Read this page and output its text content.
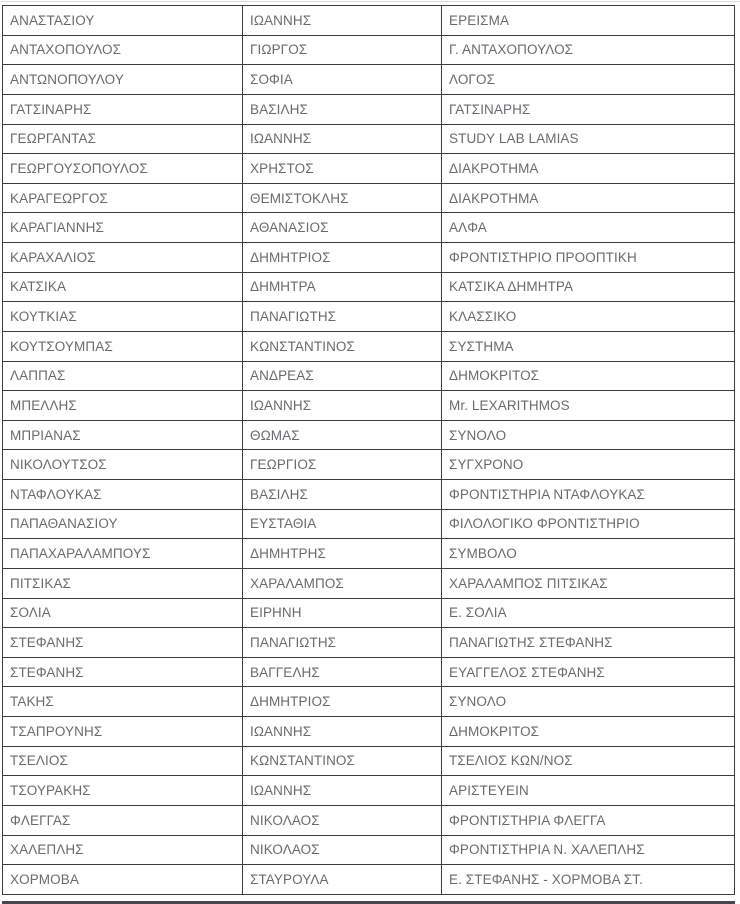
ΑΝΑΣΤΑΣΙΟΥ	ΙΩΑΝΝΗΣ	ΕΡΕΙΣΜΑ
ΑΝΤΑΧΟΠΟΥΛΟΣ	ΓΙΩΡΓΟΣ	Γ. ΑΝΤΑΧΟΠΟΥΛΟΣ
ΑΝΤΩΝΟΠΟΥΛΟΥ	ΣΟΦΙΑ	ΛΟΓΟΣ
ΓΑΤΣΙΝΑΡΗΣ	ΒΑΣΙΛΗΣ	ΓΑΤΣΙΝΑΡΗΣ
ΓΕΩΡΓΑΝΤΑΣ	ΙΩΑΝΝΗΣ	STUDY LAB LAMIAS
ΓΕΩΡΓΟΥΣΟΠΟΥΛΟΣ	ΧΡΗΣΤΟΣ	ΔΙΑΚΡΟΤΗΜΑ
ΚΑΡΑΓΕΩΡΓΟΣ	ΘΕΜΙΣΤΟΚΛΗΣ	ΔΙΑΚΡΟΤΗΜΑ
ΚΑΡΑΓΙΑΝΝΗΣ	ΑΘΑΝΑΣΙΟΣ	ΑΛΦΑ
ΚΑΡΑΧΑΛΙΟΣ	ΔΗΜΗΤΡΙΟΣ	ΦΡΟΝΤΙΣΤΗΡΙΟ ΠΡΟΟΠΤΙΚΗ
ΚΑΤΣΙΚΑ	ΔΗΜΗΤΡΑ	ΚΑΤΣΙΚΑ ΔΗΜΗΤΡΑ
ΚΟΥΤΚΙΑΣ	ΠΑΝΑΓΙΩΤΗΣ	ΚΛΑΣΣΙΚΟ
ΚΟΥΤΣΟΥΜΠΑΣ	ΚΩΝΣΤΑΝΤΙΝΟΣ	ΣΥΣΤΗΜΑ
ΛΑΠΠΑΣ	ΑΝΔΡΕΑΣ	ΔΗΜΟΚΡΙΤΟΣ
ΜΠΕΛΛΗΣ	ΙΩΑΝΝΗΣ	Mr. LEXARITHMOS
ΜΠΡΙΑΝΑΣ	ΘΩΜΑΣ	ΣΥΝΟΛΟ
ΝΙΚΟΛΟΥΤΣΟΣ	ΓΕΩΡΓΙΟΣ	ΣΥΓΧΡΟΝΟ
ΝΤΑΦΛΟΥΚΑΣ	ΒΑΣΙΛΗΣ	ΦΡΟΝΤΙΣΤΗΡΙΑ ΝΤΑΦΛΟΥΚΑΣ
ΠΑΠΑΘΑΝΑΣΙΟΥ	ΕΥΣΤΑΘΙΑ	ΦΙΛΟΛΟΓΙΚΟ ΦΡΟΝΤΙΣΤΗΡΙΟ
ΠΑΠΑΧΑΡΑΛΑΜΠΟΥΣ	ΔΗΜΗΤΡΗΣ	ΣΥΜΒΟΛΟ
ΠΙΤΣΙΚΑΣ	ΧΑΡΑΛΑΜΠΟΣ	ΧΑΡΑΛΑΜΠΟΣ ΠΙΤΣΙΚΑΣ
ΣΟΛΙΑ	ΕΙΡΗΝΗ	Ε. ΣΟΛΙΑ
ΣΤΕΦΑΝΗΣ	ΠΑΝΑΓΙΩΤΗΣ	ΠΑΝΑΓΙΩΤΗΣ ΣΤΕΦΑΝΗΣ
ΣΤΕΦΑΝΗΣ	ΒΑΓΓΕΛΗΣ	ΕΥΑΓΓΕΛΟΣ ΣΤΕΦΑΝΗΣ
ΤΑΚΗΣ	ΔΗΜΗΤΡΙΟΣ	ΣΥΝΟΛΟ
ΤΣΑΠΡΟΥΝΗΣ	ΙΩΑΝΝΗΣ	ΔΗΜΟΚΡΙΤΟΣ
ΤΣΕΛΙΟΣ	ΚΩΝΣΤΑΝΤΙΝΟΣ	ΤΣΕΛΙΟΣ ΚΩΝ/ΝΟΣ
ΤΣΟΥΡΑΚΗΣ	ΙΩΑΝΝΗΣ	ΑΡΙΣΤΕΥΕΙΝ
ΦΛΕΓΓΑΣ	ΝΙΚΟΛΑΟΣ	ΦΡΟΝΤΙΣΤΗΡΙΑ ΦΛΕΓΓΑ
ΧΑΛΕΠΛΗΣ	ΝΙΚΟΛΑΟΣ	ΦΡΟΝΤΙΣΤΗΡΙΑ Ν. ΧΑΛΕΠΛΗΣ
ΧΟΡΜΟΒΑ	ΣΤΑΥΡΟΥΛΑ	Ε. ΣΤΕΦΑΝΗΣ - ΧΟΡΜΟΒΑ ΣΤ.
